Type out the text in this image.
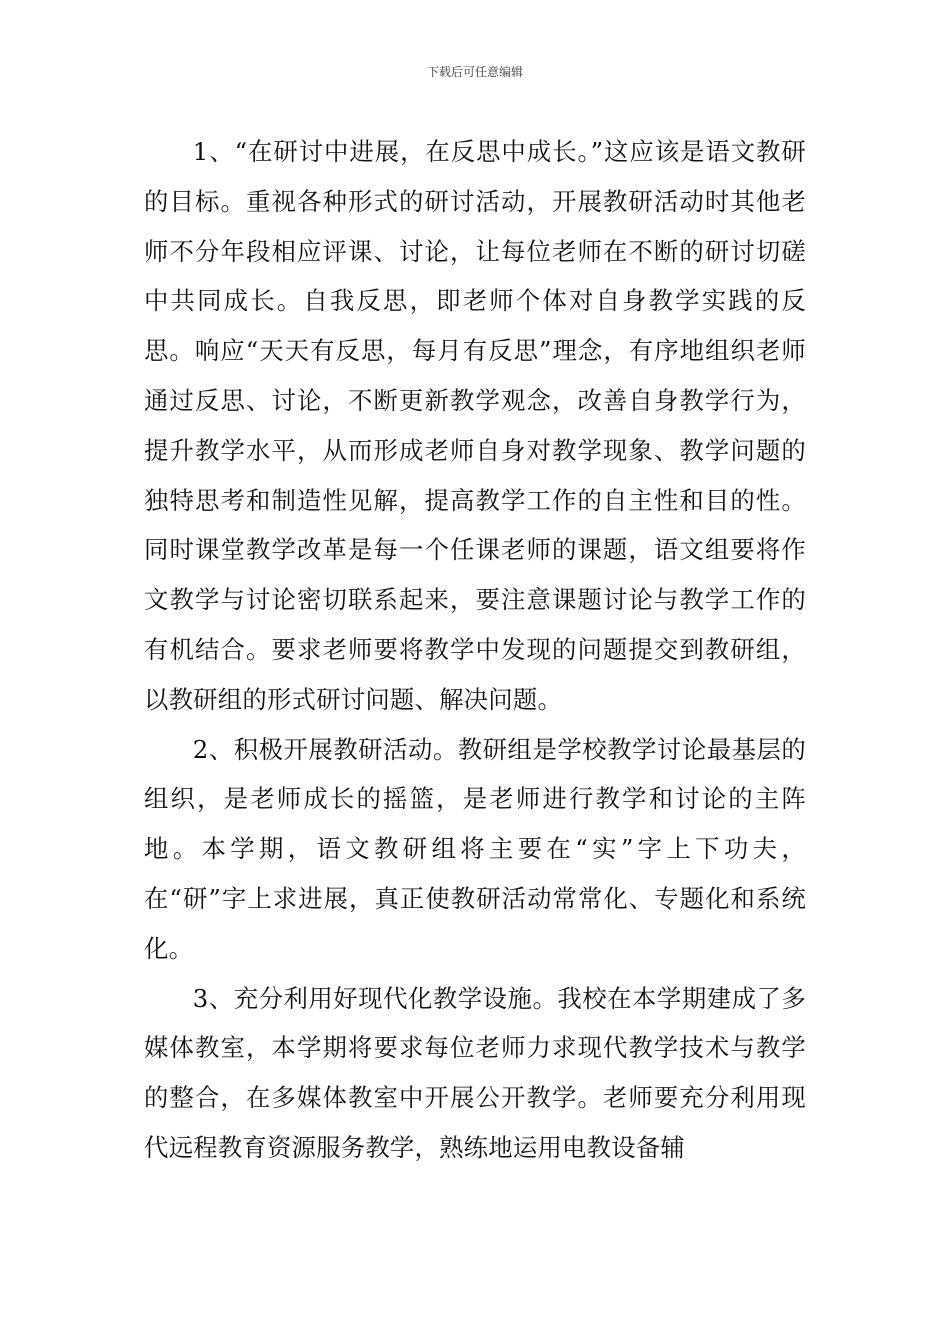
下载后可任意编辑

1、“在研讨中进展，在反思中成长。”这应该是语文教研的目标。重视各种形式的研讨活动，开展教研活动时其他老师不分年段相应评课、讨论，让每位老师在不断的研讨切磋中共同成长。自我反思，即老师个体对自身教学实践的反思。响应“天天有反思，每月有反思”理念，有序地组织老师通过反思、讨论，不断更新教学观念，改善自身教学行为，提升教学水平，从而形成老师自身对教学现象、教学问题的独特思考和制造性见解，提高教学工作的自主性和目的性。同时课堂教学改革是每一个任课老师的课题，语文组要将作文教学与讨论密切联系起来，要注意课题讨论与教学工作的有机结合。要求老师要将教学中发现的问题提交到教研组，以教研组的形式研讨问题、解决问题。

2、积极开展教研活动。教研组是学校教学讨论最基层的组织，是老师成长的摇篮，是老师进行教学和讨论的主阵地。本学期，语文教研组将主要在“实”字上下功夫，在“研”字上求进展，真正使教研活动常常化、专题化和系统化。

3、充分利用好现代化教学设施。我校在本学期建成了多媒体教室，本学期将要求每位老师力求现代教学技术与教学的整合，在多媒体教室中开展公开教学。老师要充分利用现代远程教育资源服务教学，熟练地运用电教设备辅
